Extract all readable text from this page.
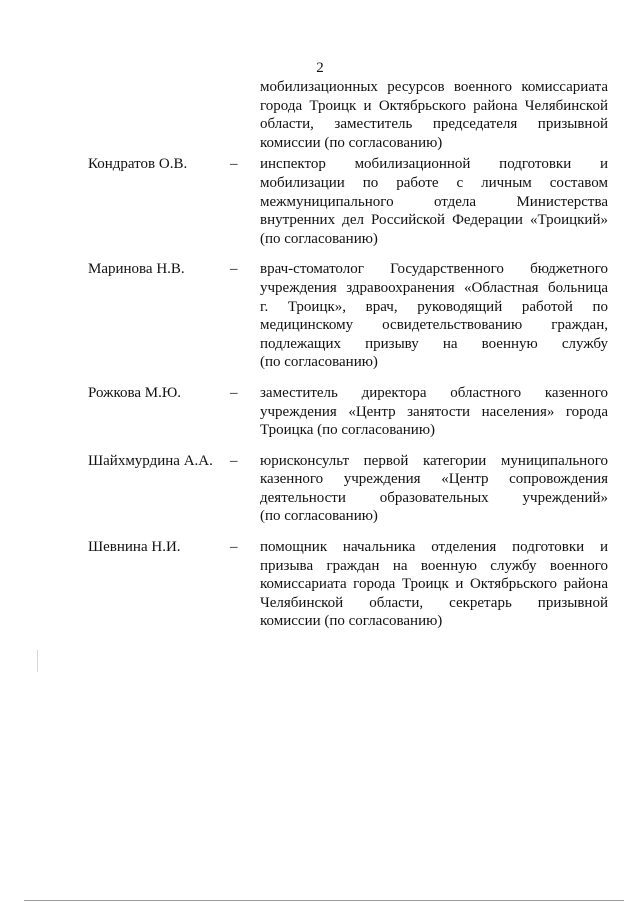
2
мобилизационных ресурсов военного комиссариата
города Троицк и Октябрьского района Челябинской
области, заместитель председателя призывной
комиссии (по согласованию)
Кондратов О.В.	–	инспектор мобилизационной подготовки и
мобилизации по работе с личным составом
межмуниципального отдела Министерства
внутренних дел Российской Федерации «Троицкий»
(по согласованию)
Маринова Н.В.	–	врач-стоматолог Государственного бюджетного
учреждения здравоохранения «Областная больница
г. Троицк», врач, руководящий работой по
медицинскому освидетельствованию граждан,
подлежащих призыву на военную службу
(по согласованию)
Рожкова М.Ю.	–	заместитель директора областного казенного
учреждения «Центр занятости населения» города
Троицка (по согласованию)
Шайхмурдина А.А.	–	юрисконсульт первой категории муниципального
казенного учреждения «Центр сопровождения
деятельности образовательных учреждений»
(по согласованию)
Шевнина Н.И.	–	помощник начальника отделения подготовки и
призыва граждан на военную службу военного
комиссариата города Троицк и Октябрьского района
Челябинской области, секретарь призывной
комиссии (по согласованию)
